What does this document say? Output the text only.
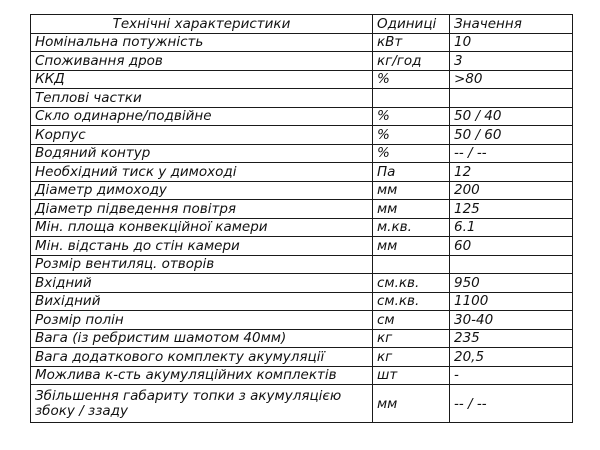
Технічні характеристики	Одиниці	Значення
Номінальна потужність	кВт	10
Споживання дров	кг/год	3
ККД	%	>80
Теплові частки		
Скло одинарне/подвійне	%	50 / 40
Корпус	%	50 / 60
Водяний контур	%	-- / --
Необхідний тиск у димоході	Па	12
Діаметр димоходу	мм	200
Діаметр підведення повітря	мм	125
Мін. площа конвекційної камери	м.кв.	6.1
Мін. відстань до стін камери	мм	60
Розмір вентиляц. отворів		
Вхідний	см.кв.	950
Вихідний	см.кв.	1100
Розмір полін	см	30-40
Вага (із ребристим шамотом 40мм)	кг	235
Вага додаткового комплекту акумуляції	кг	20,5
Можлива к-сть акумуляційних комплектів	шт	-
Збільшення габариту топки з акумуляцією збоку / ззаду	мм	-- / --
